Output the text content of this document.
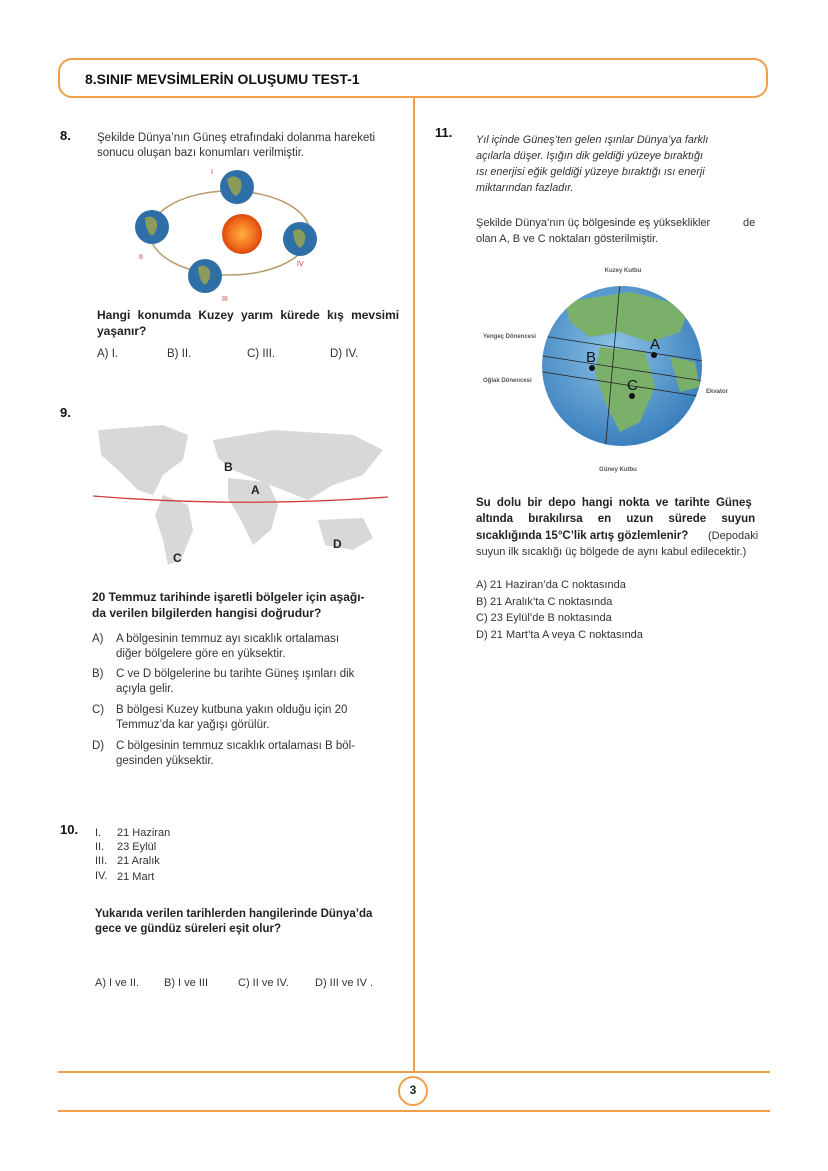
8.SINIF MEVSİMLERİN OLUŞUMU TEST-1
8. Şekilde Dünya’nın Güneş etrafındaki dolanma hareketi
sonucu oluşan bazı konumları verilmiştir.
I
II
III
IV
Hangi konumda Kuzey yarım kürede kış mevsimi
yaşanır?
A) I.	B) II.	C) III.	D) IV.
9.
B
A
C
D
20 Temmuz tarihinde işaretli bölgeler için aşağı-
da verilen bilgilerden hangisi doğrudur?
A) A bölgesinin temmuz ayı sıcaklık ortalaması
diğer bölgelere göre en yüksektir.
B) C ve D bölgelerine bu tarihte Güneş ışınları dik
açıyla gelir.
C) B bölgesi Kuzey kutbuna yakın olduğu için 20
Temmuz’da kar yağışı görülür.
D) C bölgesinin temmuz sıcaklık ortalaması B böl-
gesinden yüksektir.
10. I. 21 Haziran
II. 23 Eylül
III. 21 Aralık
IV. 21 Mart
Yukarıda verilen tarihlerden hangilerinde Dünya’da
gece ve gündüz süreleri eşit olur?
A) I ve II. B) I ve III	C) II ve IV. D) III ve IV .
11. Yıl içinde Güneş’ten gelen ışınlar Dünya’ya farklı
açılarla düşer. Işığın dik geldiği yüzeye bıraktığı
ısı enerjisi eğik geldiği yüzeye bıraktığı ısı enerji
miktarından fazladır.
Şekilde Dünya’nın üç bölgesinde eş yükseklikler	de
olan A, B ve C noktaları gösterilmiştir.
Kuzey Kutbu
Güney Kutbu
Yengeç Dönencesi
Oğlak Dönencesi
Ekvator
A
B
C
Su dolu bir depo hangi nokta ve tarihte Güneş
altında bırakılırsa en uzun sürede suyun
sıcaklığında 15°C’lik artış gözlemlenir? (Depodaki
suyun ilk sıcaklığı üç bölgede de aynı kabul edilecektir.)
A) 21 Haziran’da C noktasında
B) 21 Aralık’ta C noktasında
C) 23 Eylül’de B noktasında
D) 21 Mart’ta A veya C noktasında
3
